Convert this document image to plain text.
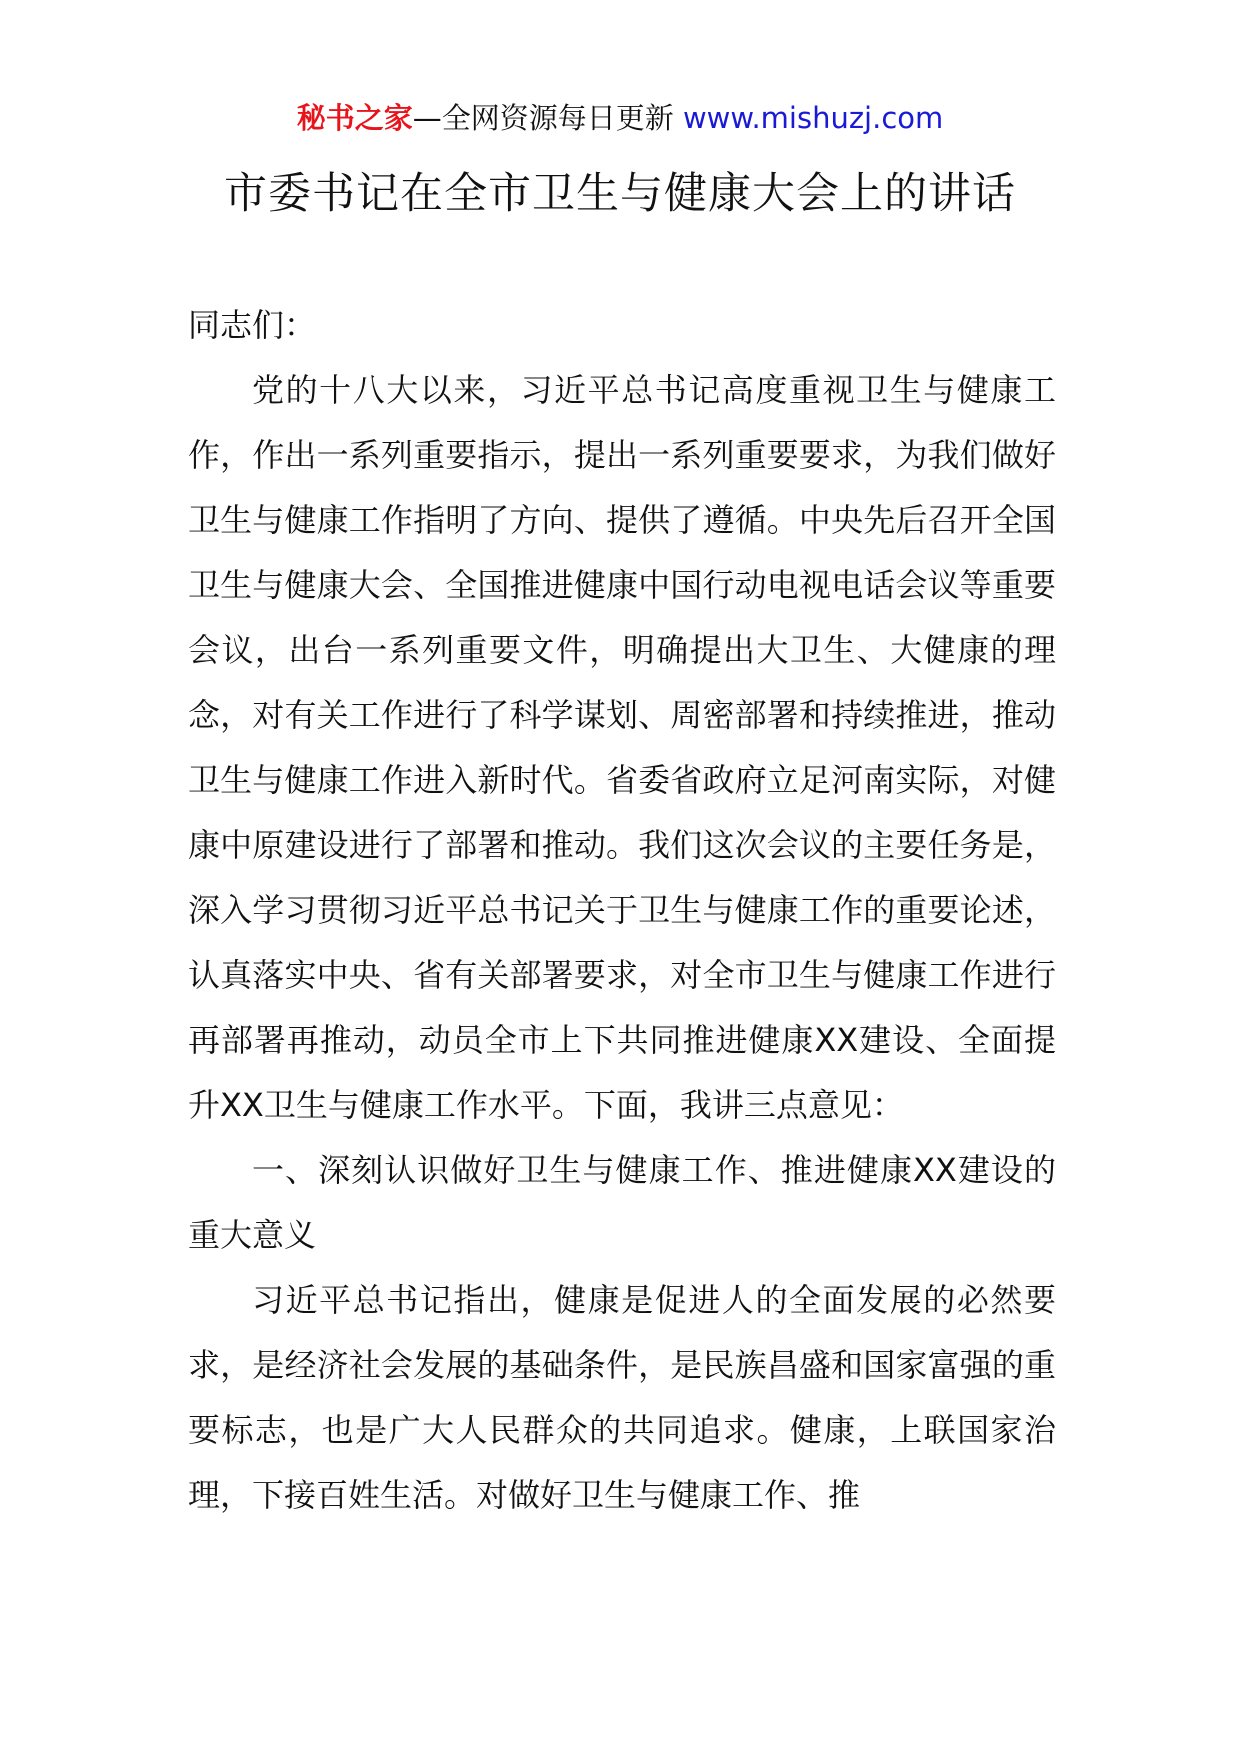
秘书之家—全网资源每日更新 www.mishuzj.com
市委书记在全市卫生与健康大会上的讲话

同志们：

党的十八大以来，习近平总书记高度重视卫生与健康工作，作出一系列重要指示，提出一系列重要要求，为我们做好卫生与健康工作指明了方向、提供了遵循。中央先后召开全国卫生与健康大会、全国推进健康中国行动电视电话会议等重要会议，出台一系列重要文件，明确提出大卫生、大健康的理念，对有关工作进行了科学谋划、周密部署和持续推进，推动卫生与健康工作进入新时代。省委省政府立足河南实际，对健康中原建设进行了部署和推动。我们这次会议的主要任务是，深入学习贯彻习近平总书记关于卫生与健康工作的重要论述，认真落实中央、省有关部署要求，对全市卫生与健康工作进行再部署再推动，动员全市上下共同推进健康XX建设、全面提升XX卫生与健康工作水平。下面，我讲三点意见：

一、深刻认识做好卫生与健康工作、推进健康XX建设的重大意义

习近平总书记指出，健康是促进人的全面发展的必然要求，是经济社会发展的基础条件，是民族昌盛和国家富强的重要标志，也是广大人民群众的共同追求。健康，上联国家治理，下接百姓生活。对做好卫生与健康工作、推
